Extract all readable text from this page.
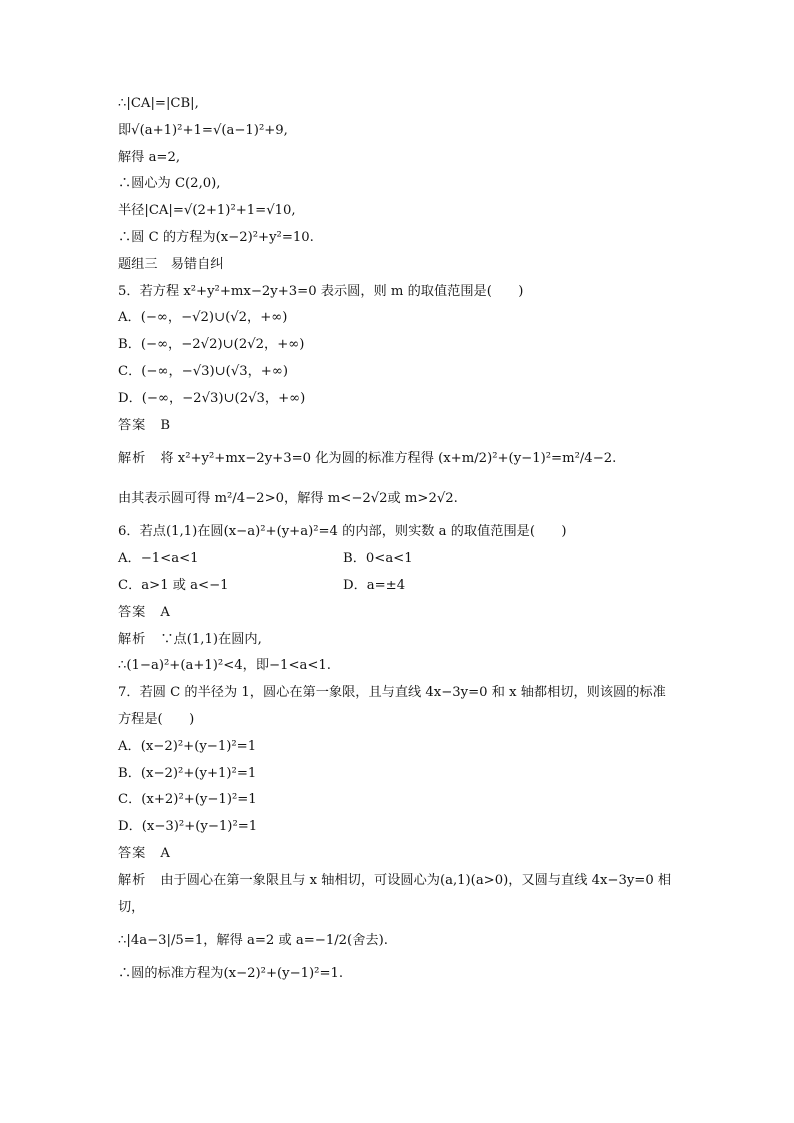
∴|CA|=|CB|,
即√(a+1)²+1=√(a−1)²+9,
解得 a=2,
∴圆心为 C(2,0),
半径|CA|=√(2+1)²+1=√10,
∴圆 C 的方程为(x−2)²+y²=10.
题组三　易错自纠
5．若方程 x²+y²+mx−2y+3=0 表示圆，则 m 的取值范围是(　　)
A．(−∞，−√2)∪(√2，+∞)
B．(−∞，−2√2)∪(2√2，+∞)
C．(−∞，−√3)∪(√3，+∞)
D．(−∞，−2√3)∪(2√3，+∞)
答案 B
解析 将 x²+y²+mx−2y+3=0 化为圆的标准方程得 (x+m/2)²+(y−1)²=m²/4−2.
由其表示圆可得 m²/4−2>0，解得 m<−2√2或 m>2√2.
6．若点(1,1)在圆(x−a)²+(y+a)²=4 的内部，则实数 a 的取值范围是(　　)
A．−1<a<1	B．0<a<1
C．a>1 或 a<−1	D．a=±4
答案 A
解析 ∵点(1,1)在圆内,
∴(1−a)²+(a+1)²<4，即−1<a<1.
7．若圆 C 的半径为 1，圆心在第一象限，且与直线 4x−3y=0 和 x 轴都相切，则该圆的标准
方程是(　　)
A．(x−2)²+(y−1)²=1
B．(x−2)²+(y+1)²=1
C．(x+2)²+(y−1)²=1
D．(x−3)²+(y−1)²=1
答案 A
解析 由于圆心在第一象限且与 x 轴相切，可设圆心为(a,1)(a>0)，又圆与直线 4x−3y=0 相
切，
∴|4a−3|/5=1，解得 a=2 或 a=−1/2(舍去).
∴圆的标准方程为(x−2)²+(y−1)²=1.
